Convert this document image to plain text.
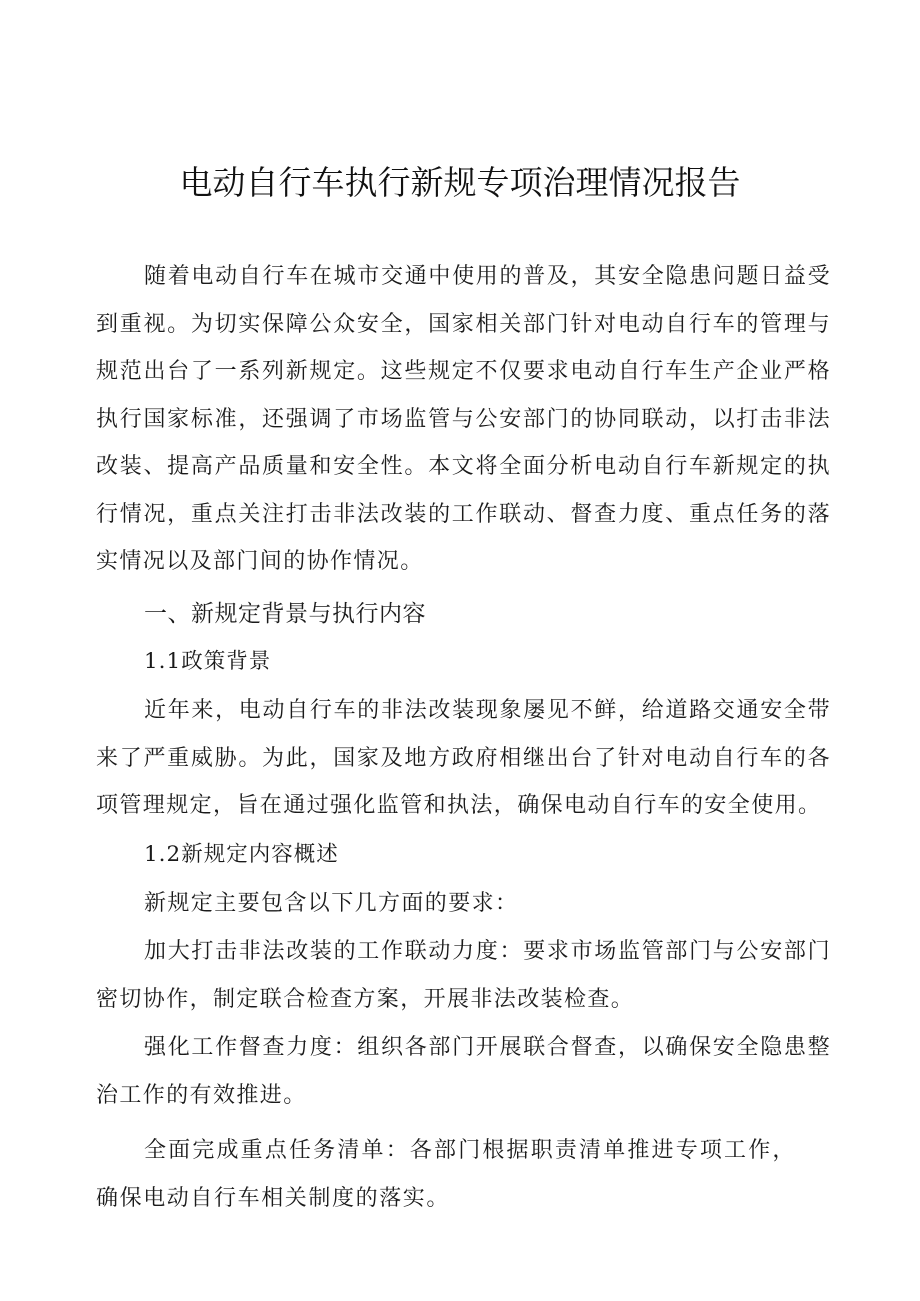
电动自行车执行新规专项治理情况报告

随着电动自行车在城市交通中使用的普及，其安全隐患问题日益受到重视。为切实保障公众安全，国家相关部门针对电动自行车的管理与规范出台了一系列新规定。这些规定不仅要求电动自行车生产企业严格执行国家标准，还强调了市场监管与公安部门的协同联动，以打击非法改装、提高产品质量和安全性。本文将全面分析电动自行车新规定的执行情况，重点关注打击非法改装的工作联动、督查力度、重点任务的落实情况以及部门间的协作情况。

一、新规定背景与执行内容

1.1政策背景

近年来，电动自行车的非法改装现象屡见不鲜，给道路交通安全带来了严重威胁。为此，国家及地方政府相继出台了针对电动自行车的各项管理规定，旨在通过强化监管和执法，确保电动自行车的安全使用。

1.2新规定内容概述

新规定主要包含以下几方面的要求：

加大打击非法改装的工作联动力度：要求市场监管部门与公安部门密切协作，制定联合检查方案，开展非法改装检查。

强化工作督查力度：组织各部门开展联合督查，以确保安全隐患整治工作的有效推进。

全面完成重点任务清单：各部门根据职责清单推进专项工作，确保电动自行车相关制度的落实。
